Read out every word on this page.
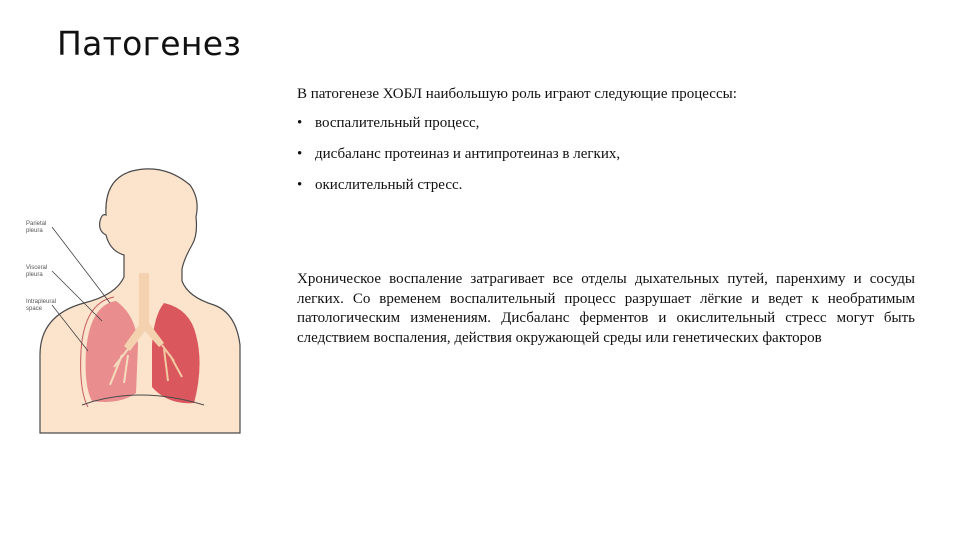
Патогенез
Parietal
pleura
Visceral
pleura
Intrapleural
space

В патогенезе ХОБЛ наибольшую роль играют следующие процессы:

• воспалительный процесс,
• дисбаланс протеиназ и антипротеиназ в легких,
• окислительный стресс.

Хроническое воспаление затрагивает все отделы дыхательных путей, паренхиму и сосуды легких. Со временем воспалительный процесс разрушает лёгкие и ведет к необратимым патологическим изменениям. Дисбаланс ферментов и окислительный стресс могут быть следствием воспаления, действия окружающей среды или генетических факторов
